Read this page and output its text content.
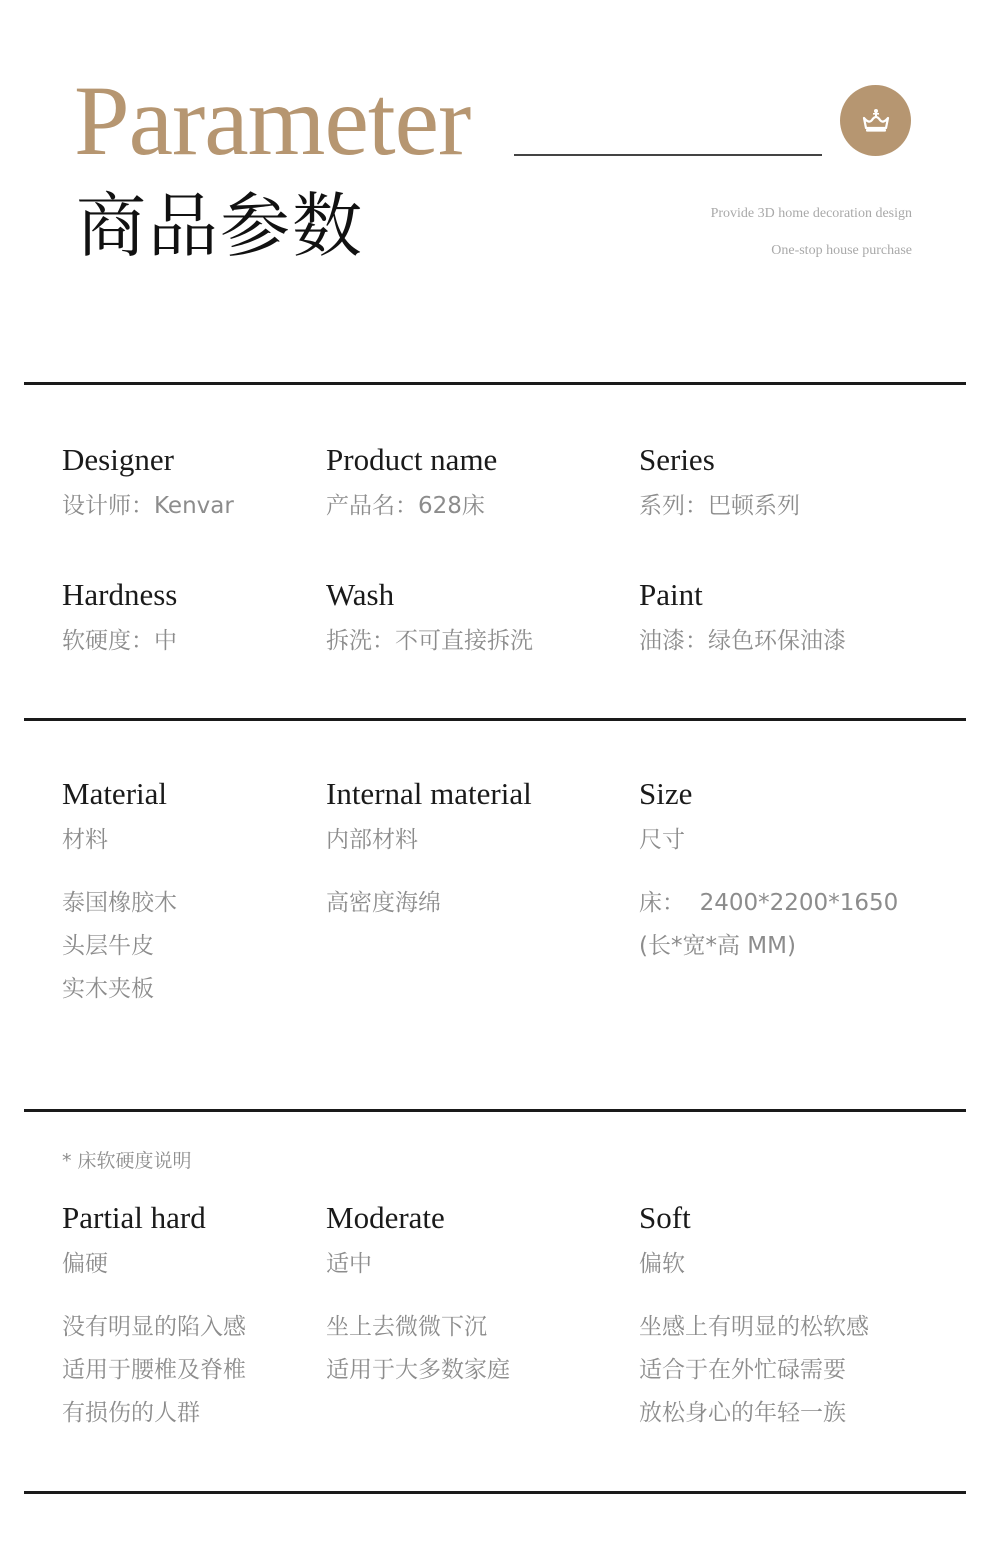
Parameter
商品参数	Provide 3D home decoration design
One-stop house purchase
Designer
设计师：Kenvar
Product name
产品名：628床
Series
系列：巴顿系列
Hardness
软硬度：中
Wash
拆洗：不可直接拆洗
Paint
油漆：绿色环保油漆
Material
材料
泰国橡胶木
头层牛皮
实木夹板
Internal material
内部材料
高密度海绵
Size
尺寸
床：  2400*2200*1650
(长*宽*高 MM)
* 床软硬度说明
Partial hard
偏硬
没有明显的陷入感
适用于腰椎及脊椎
有损伤的人群
Moderate
适中
坐上去微微下沉
适用于大多数家庭
Soft
偏软
坐感上有明显的松软感
适合于在外忙碌需要
放松身心的年轻一族
